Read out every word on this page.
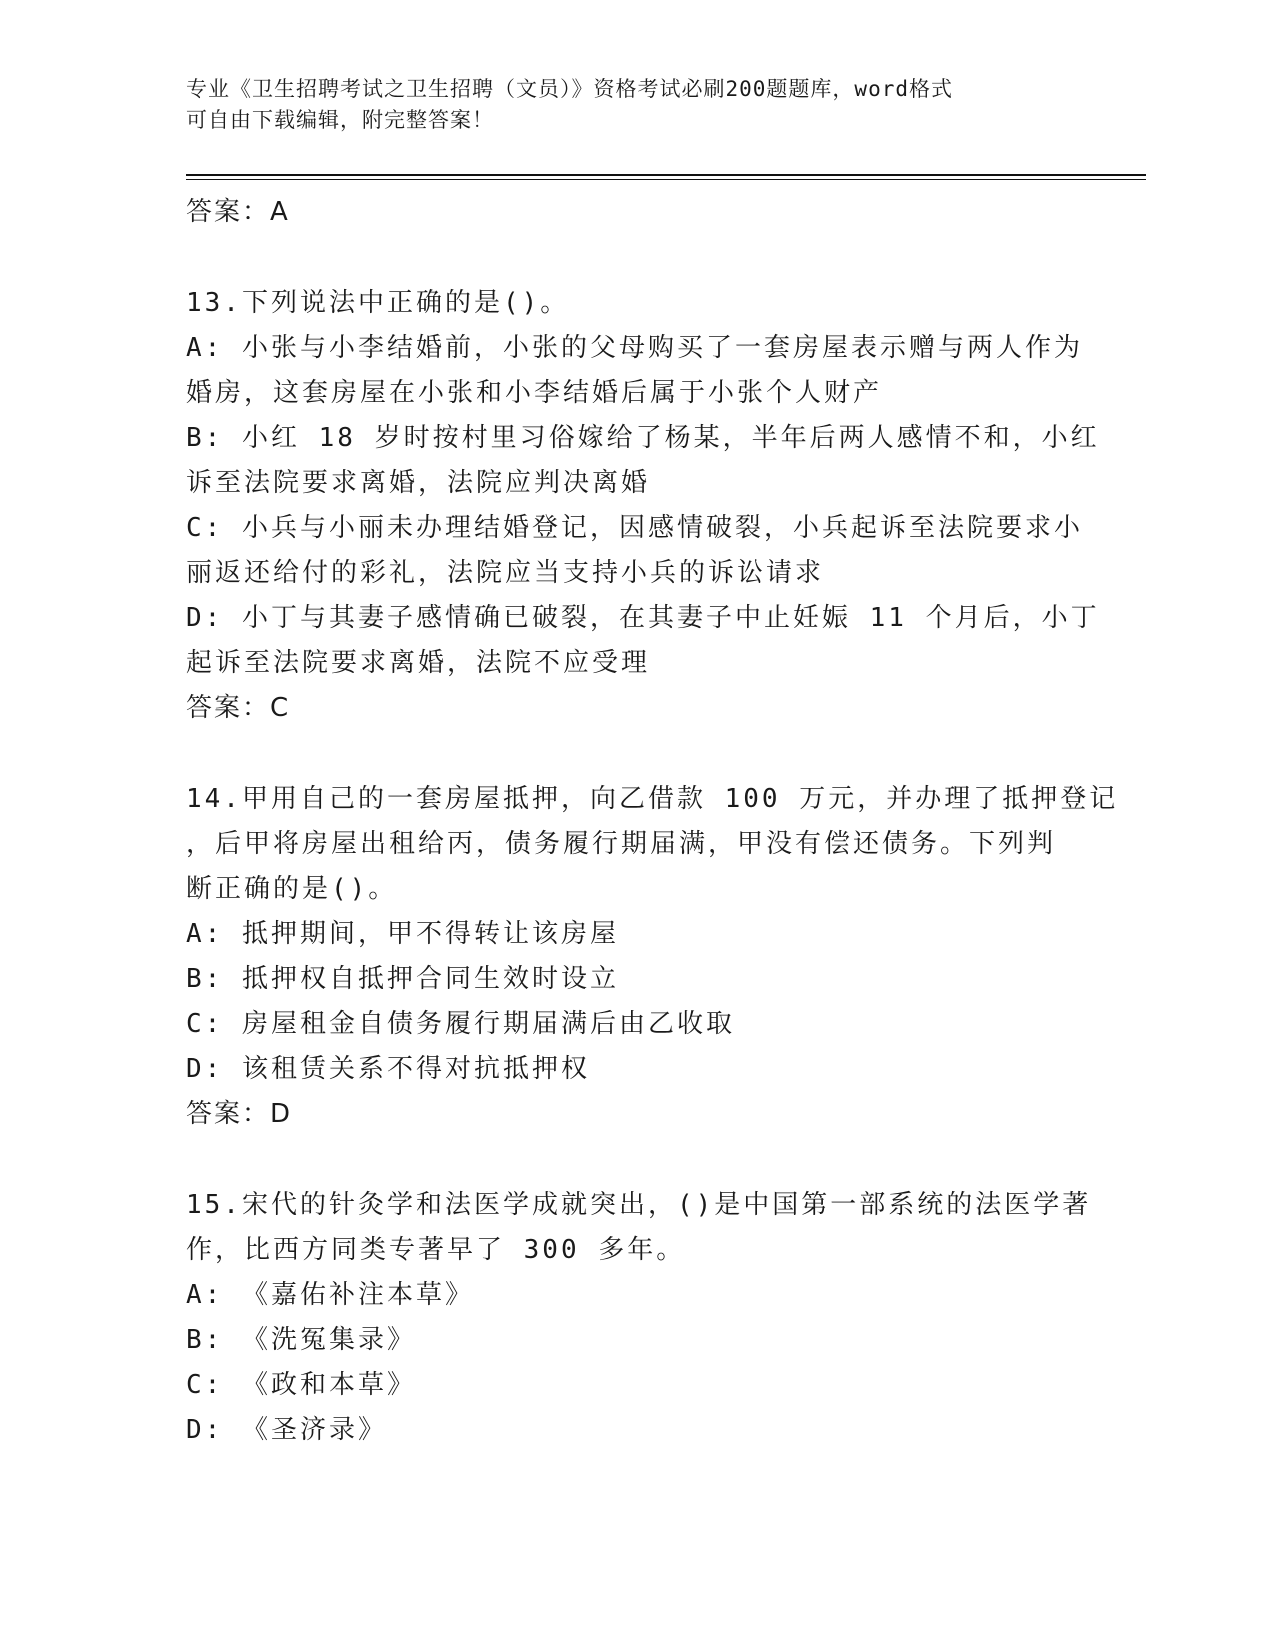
专业《卫生招聘考试之卫生招聘（文员）》资格考试必刷200题题库，word格式
可自由下载编辑，附完整答案！
答案：A
13.下列说法中正确的是()。
A: 小张与小李结婚前，小张的父母购买了一套房屋表示赠与两人作为
婚房，这套房屋在小张和小李结婚后属于小张个人财产
B: 小红 18 岁时按村里习俗嫁给了杨某，半年后两人感情不和，小红
诉至法院要求离婚，法院应判决离婚
C: 小兵与小丽未办理结婚登记，因感情破裂，小兵起诉至法院要求小
丽返还给付的彩礼，法院应当支持小兵的诉讼请求
D: 小丁与其妻子感情确已破裂，在其妻子中止妊娠 11 个月后，小丁
起诉至法院要求离婚，法院不应受理
答案：C
14.甲用自己的一套房屋抵押，向乙借款 100 万元，并办理了抵押登记
，后甲将房屋出租给丙，债务履行期届满，甲没有偿还债务。下列判
断正确的是()。
A: 抵押期间，甲不得转让该房屋
B: 抵押权自抵押合同生效时设立
C: 房屋租金自债务履行期届满后由乙收取
D: 该租赁关系不得对抗抵押权
答案：D
15.宋代的针灸学和法医学成就突出，()是中国第一部系统的法医学著
作，比西方同类专著早了 300 多年。
A: 《嘉佑补注本草》
B: 《洗冤集录》
C: 《政和本草》
D: 《圣济录》
